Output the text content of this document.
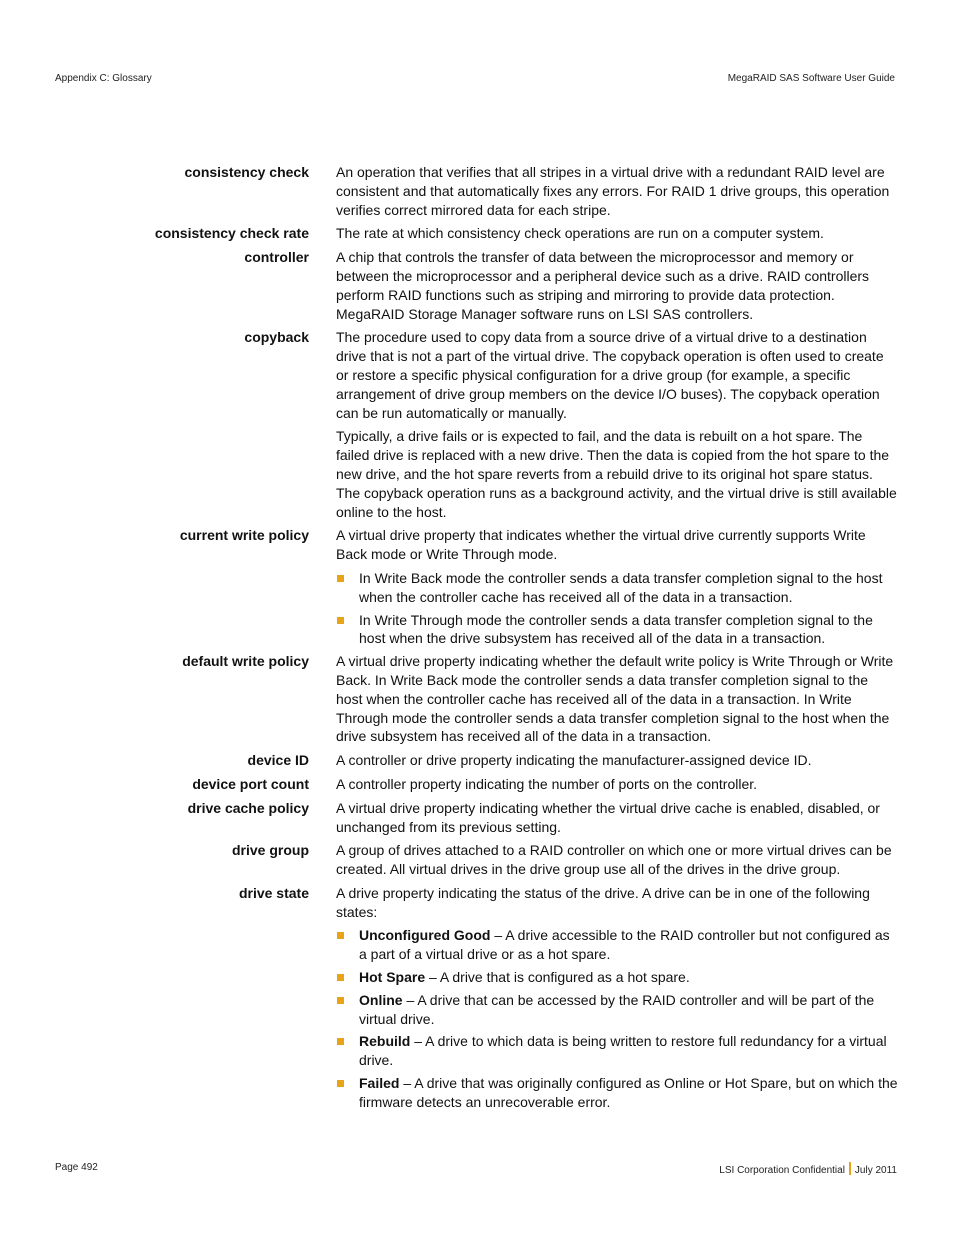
Appendix C: Glossary	MegaRAID SAS Software User Guide
consistency check An operation that verifies that all stripes in a virtual drive with a redundant RAID level are consistent and that automatically fixes any errors. For RAID 1 drive groups, this operation verifies correct mirrored data for each stripe.

consistency check rate The rate at which consistency check operations are run on a computer system.

controller A chip that controls the transfer of data between the microprocessor and memory or between the microprocessor and a peripheral device such as a drive. RAID controllers perform RAID functions such as striping and mirroring to provide data protection. MegaRAID Storage Manager software runs on LSI SAS controllers.

copyback The procedure used to copy data from a source drive of a virtual drive to a destination drive that is not a part of the virtual drive. The copyback operation is often used to create or restore a specific physical configuration for a drive group (for example, a specific arrangement of drive group members on the device I/O buses). The copyback operation can be run automatically or manually.

Typically, a drive fails or is expected to fail, and the data is rebuilt on a hot spare. The failed drive is replaced with a new drive. Then the data is copied from the hot spare to the new drive, and the hot spare reverts from a rebuild drive to its original hot spare status. The copyback operation runs as a background activity, and the virtual drive is still available online to the host.

current write policy A virtual drive property that indicates whether the virtual drive currently supports Write Back mode or Write Through mode.

In Write Back mode the controller sends a data transfer completion signal to the host when the controller cache has received all of the data in a transaction.
In Write Through mode the controller sends a data transfer completion signal to the host when the drive subsystem has received all of the data in a transaction.
default write policy A virtual drive property indicating whether the default write policy is Write Through or Write Back. In Write Back mode the controller sends a data transfer completion signal to the host when the controller cache has received all of the data in a transaction. In Write Through mode the controller sends a data transfer completion signal to the host when the drive subsystem has received all of the data in a transaction.

device ID A controller or drive property indicating the manufacturer-assigned device ID.

device port count A controller property indicating the number of ports on the controller.

drive cache policy A virtual drive property indicating whether the virtual drive cache is enabled, disabled, or unchanged from its previous setting.

drive group A group of drives attached to a RAID controller on which one or more virtual drives can be created. All virtual drives in the drive group use all of the drives in the drive group.

drive state A drive property indicating the status of the drive. A drive can be in one of the following states:

Unconfigured Good – A drive accessible to the RAID controller but not configured as a part of a virtual drive or as a hot spare.
Hot Spare – A drive that is configured as a hot spare.
Online – A drive that can be accessed by the RAID controller and will be part of the virtual drive.
Rebuild – A drive to which data is being written to restore full redundancy for a virtual drive.
Failed – A drive that was originally configured as Online or Hot Spare, but on which the firmware detects an unrecoverable error.
Page 492	LSI Corporation Confidential July 2011
